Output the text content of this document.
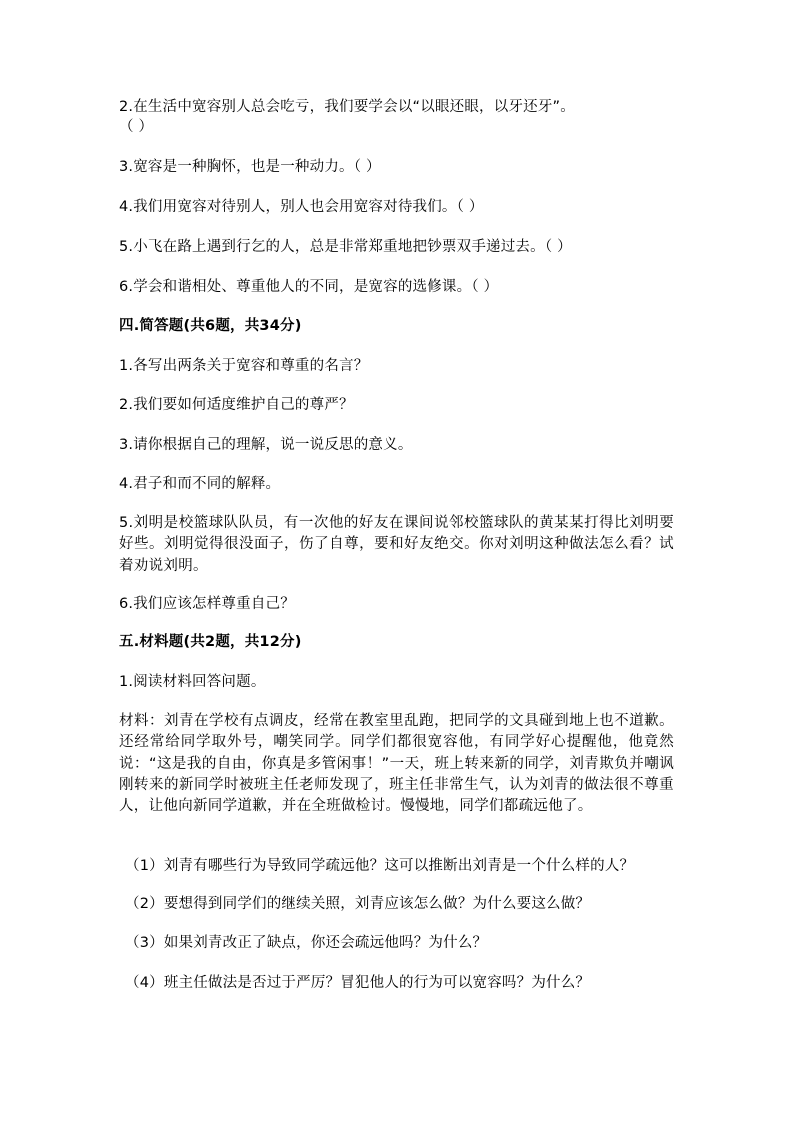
2.在生活中宽容别人总会吃亏，我们要学会以“以眼还眼，以牙还牙”。
（ ）
3.宽容是一种胸怀，也是一种动力。（ ）
4.我们用宽容对待别人，别人也会用宽容对待我们。（ ）
5.小飞在路上遇到行乞的人，总是非常郑重地把钞票双手递过去。（ ）
6.学会和谐相处、尊重他人的不同，是宽容的选修课。（ ）
四.简答题(共6题，共34分)
1.各写出两条关于宽容和尊重的名言？
2.我们要如何适度维护自己的尊严？
3.请你根据自己的理解，说一说反思的意义。
4.君子和而不同的解释。
5.刘明是校篮球队队员，有一次他的好友在课间说邻校篮球队的黄某某打得比刘明要好些。刘明觉得很没面子，伤了自尊，要和好友绝交。你对刘明这种做法怎么看？试着劝说刘明。
6.我们应该怎样尊重自己？
五.材料题(共2题，共12分)
1.阅读材料回答问题。
材料：刘青在学校有点调皮，经常在教室里乱跑，把同学的文具碰到地上也不道歉。还经常给同学取外号，嘲笑同学。同学们都很宽容他，有同学好心提醒他，他竟然说：“这是我的自由，你真是多管闲事！”一天，班上转来新的同学，刘青欺负并嘲讽刚转来的新同学时被班主任老师发现了，班主任非常生气，认为刘青的做法很不尊重人，让他向新同学道歉，并在全班做检讨。慢慢地，同学们都疏远他了。
（1）刘青有哪些行为导致同学疏远他？这可以推断出刘青是一个什么样的人？
（2）要想得到同学们的继续关照，刘青应该怎么做？为什么要这么做？
（3）如果刘青改正了缺点，你还会疏远他吗？为什么？
（4）班主任做法是否过于严厉？冒犯他人的行为可以宽容吗？为什么？
